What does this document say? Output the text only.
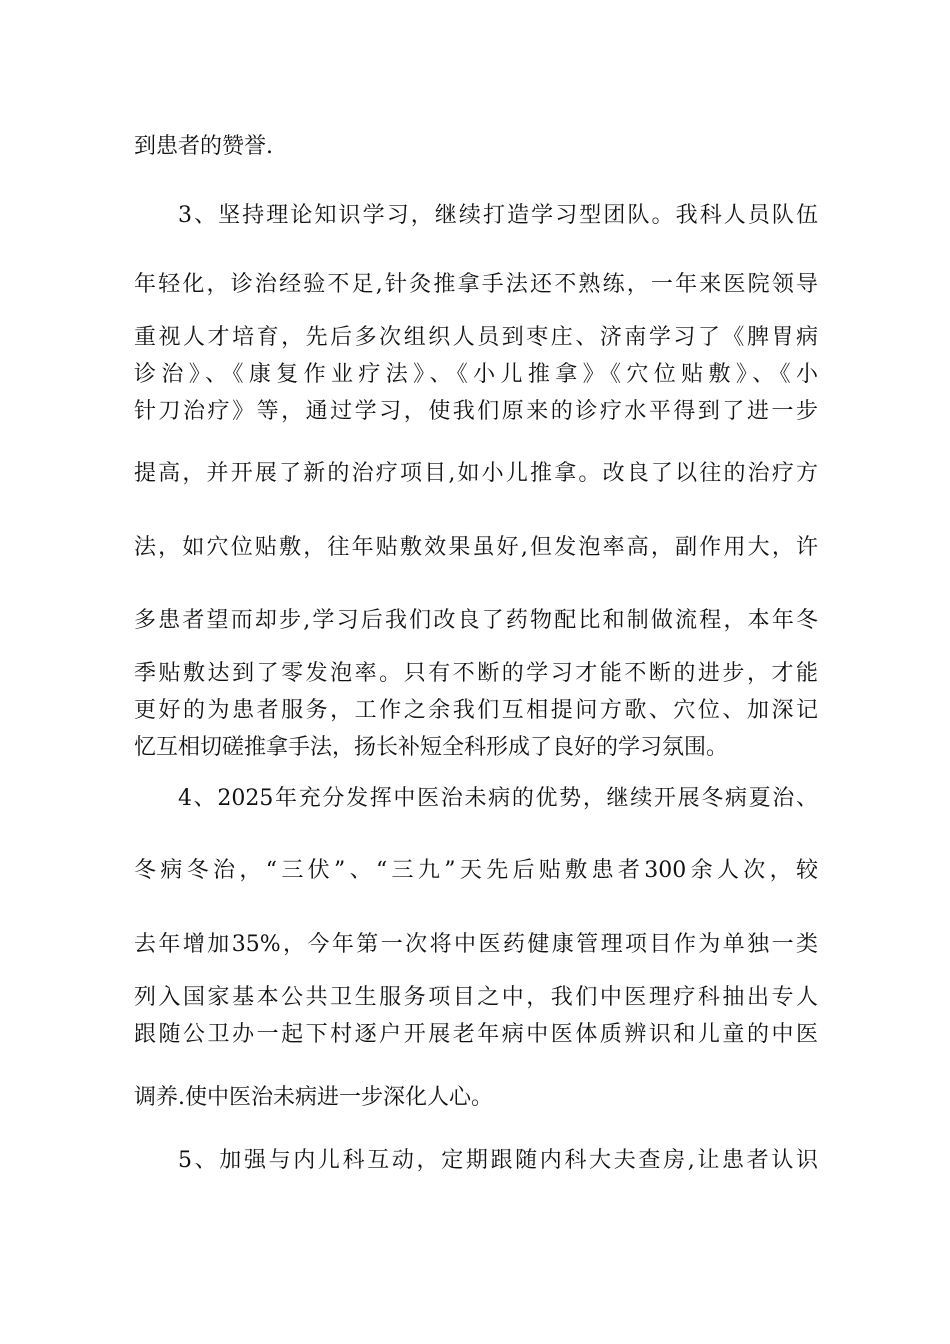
到患者的赞誉.
3、坚持理论知识学习，继续打造学习型团队。我科人员队伍
年轻化，诊治经验不足,针灸推拿手法还不熟练，一年来医院领导
重视人才培育，先后多次组织人员到枣庄、济南学习了《脾胃病
诊治》、《康复作业疗法》、《小儿推拿》《穴位贴敷》、《小
针刀治疗》等，通过学习，使我们原来的诊疗水平得到了进一步
提高，并开展了新的治疗项目,如小儿推拿。改良了以往的治疗方
法，如穴位贴敷，往年贴敷效果虽好,但发泡率高，副作用大，许
多患者望而却步,学习后我们改良了药物配比和制做流程，本年冬
季贴敷达到了零发泡率。只有不断的学习才能不断的进步，才能
更好的为患者服务，工作之余我们互相提问方歌、穴位、加深记
忆互相切磋推拿手法，扬长补短全科形成了良好的学习氛围。
4、2025年充分发挥中医治未病的优势，继续开展冬病夏治、
冬病冬治，“三伏”、“三九”天先后贴敷患者300余人次，较
去年增加35%，今年第一次将中医药健康管理项目作为单独一类
列入国家基本公共卫生服务项目之中，我们中医理疗科抽出专人
跟随公卫办一起下村逐户开展老年病中医体质辨识和儿童的中医
调养.使中医治未病进一步深化人心。
5、加强与内儿科互动，定期跟随内科大夫查房,让患者认识
